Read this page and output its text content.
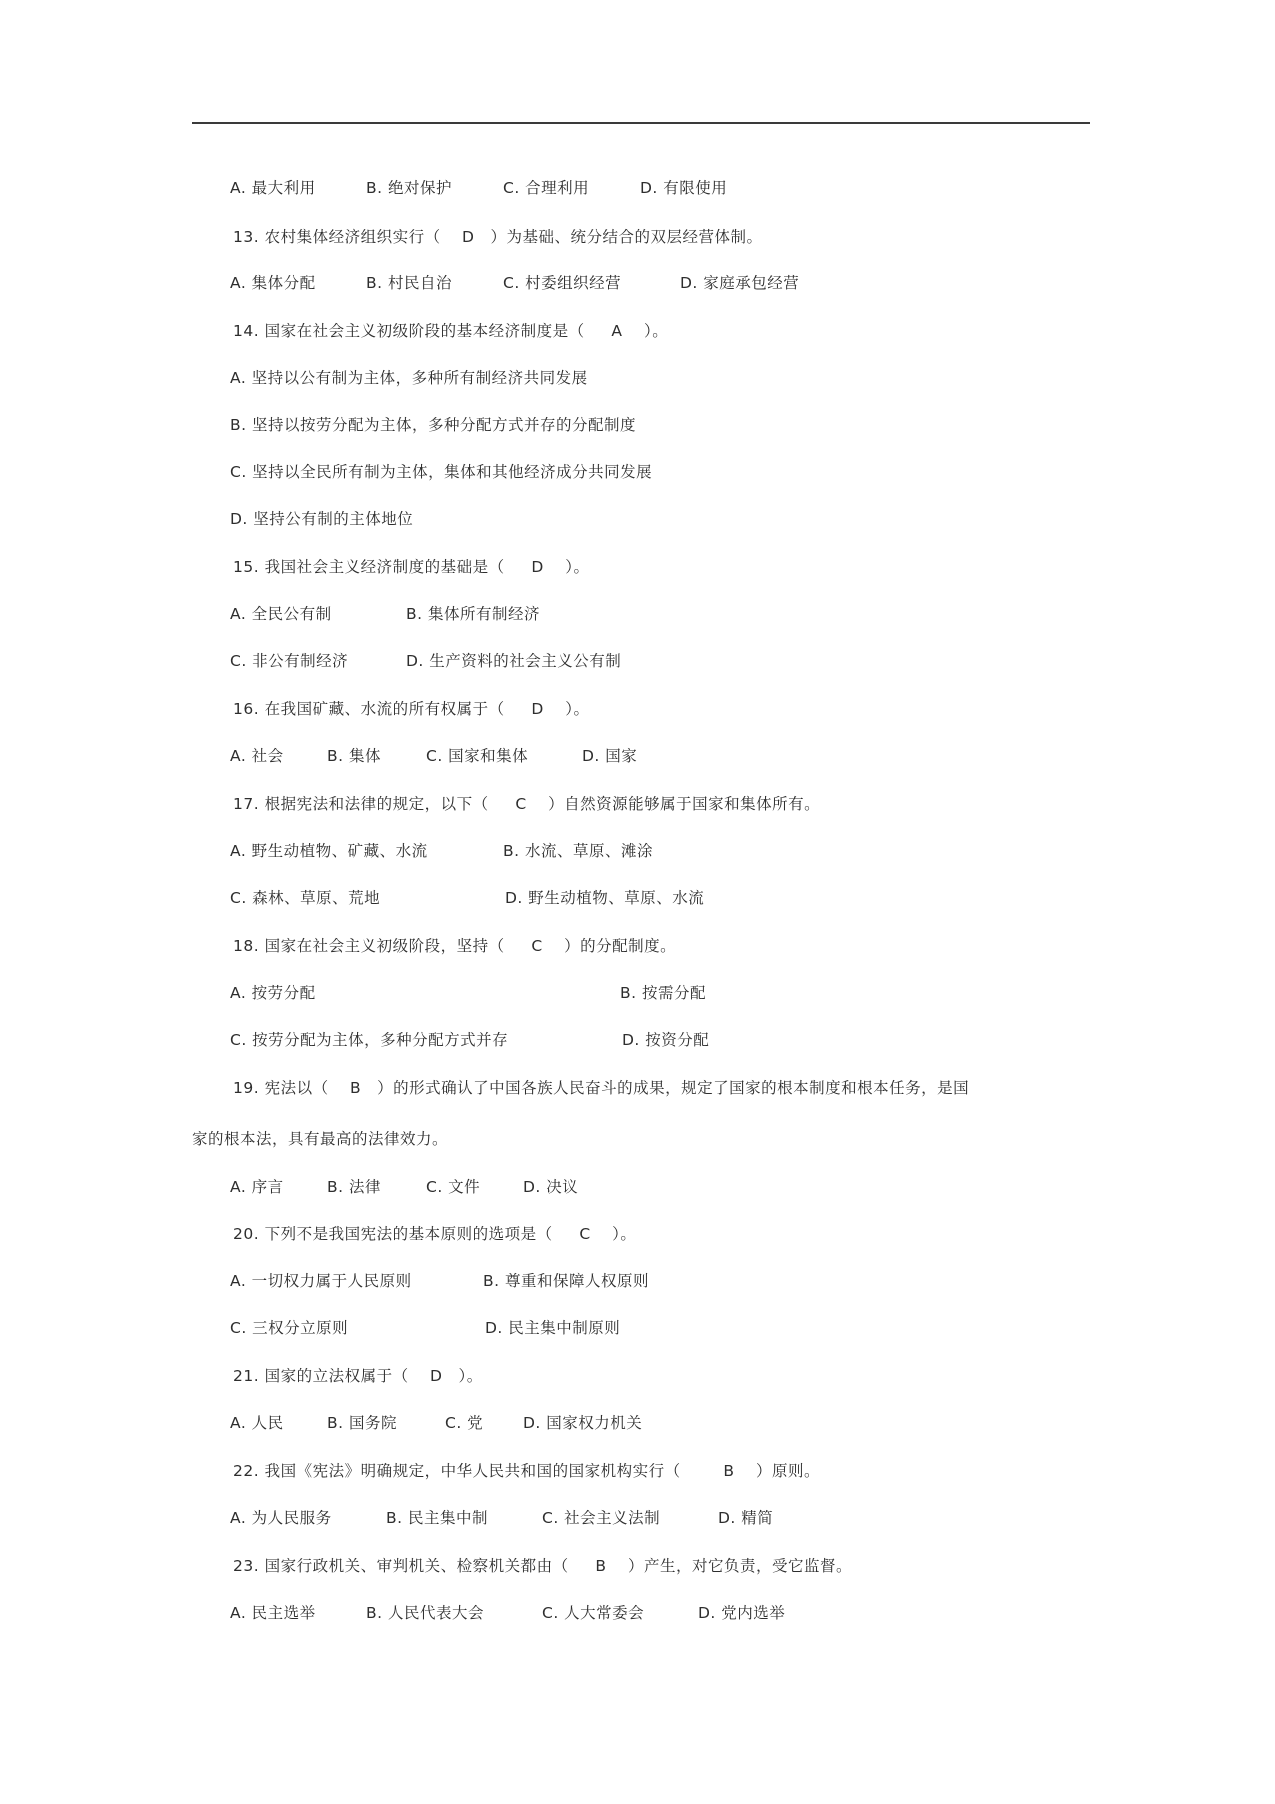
A. 最大利用	B. 绝对保护	C. 合理利用	D. 有限使用
13. 农村集体经济组织实行（ 　D　）为基础、统分结合的双层经营体制。
A. 集体分配	B. 村民自治	C. 村委组织经营	D. 家庭承包经营
14. 国家在社会主义初级阶段的基本经济制度是（ 　 A 　）。
A. 坚持以公有制为主体，多种所有制经济共同发展
B. 坚持以按劳分配为主体，多种分配方式并存的分配制度
C. 坚持以全民所有制为主体，集体和其他经济成分共同发展
D. 坚持公有制的主体地位
15. 我国社会主义经济制度的基础是（ 　 D 　）。
A. 全民公有制	B. 集体所有制经济
C. 非公有制经济	D. 生产资料的社会主义公有制
16. 在我国矿藏、水流的所有权属于（ 　 D 　）。
A. 社会	B. 集体	C. 国家和集体	D. 国家
17. 根据宪法和法律的规定，以下（ 　 C 　）自然资源能够属于国家和集体所有。
A. 野生动植物、矿藏、水流	B. 水流、草原、滩涂
C. 森林、草原、荒地	D. 野生动植物、草原、水流
18. 国家在社会主义初级阶段，坚持（ 　 C 　）的分配制度。
A. 按劳分配	B. 按需分配
C. 按劳分配为主体，多种分配方式并存	D. 按资分配
19. 宪法以（ 　B　）的形式确认了中国各族人民奋斗的成果，规定了国家的根本制度和根本任务，是国
家的根本法，具有最高的法律效力。
A. 序言	B. 法律	C. 文件	D. 决议
20. 下列不是我国宪法的基本原则的选项是（ 　 C 　）。
A. 一切权力属于人民原则	B. 尊重和保障人权原则
C. 三权分立原则	D. 民主集中制原则
21. 国家的立法权属于（ 　D　）。
A. 人民	B. 国务院	C. 党	D. 国家权力机关
22. 我国《宪法》明确规定，中华人民共和国的国家机构实行（ 　 　B 　）原则。
A. 为人民服务	B. 民主集中制	C. 社会主义法制	D. 精简
23. 国家行政机关、审判机关、检察机关都由（ 　 B 　）产生，对它负责，受它监督。
A. 民主选举	B. 人民代表大会	C. 人大常委会	D. 党内选举
